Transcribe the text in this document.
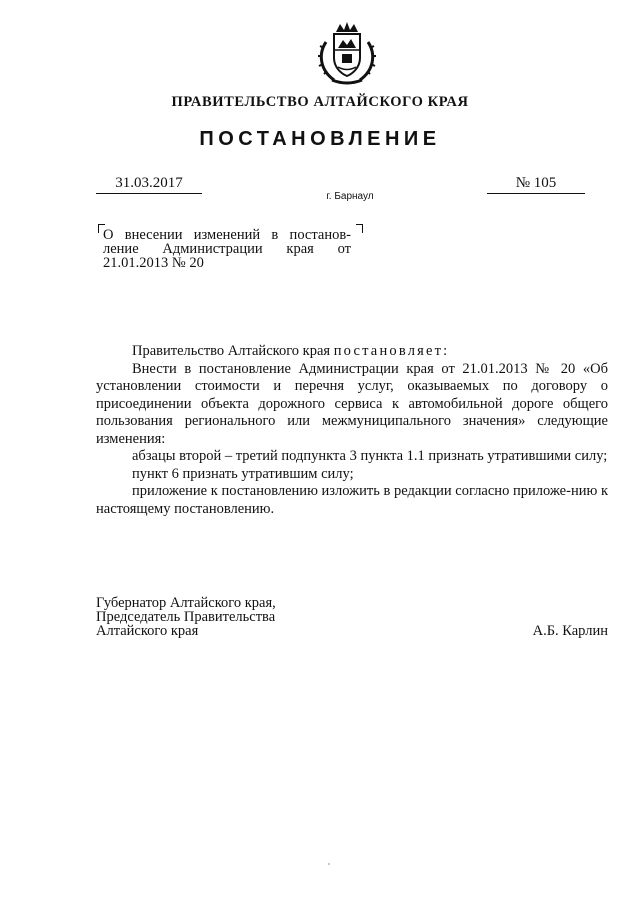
ПРАВИТЕЛЬСТВО АЛТАЙСКОГО КРАЯ
ПОСТАНОВЛЕНИЕ
31.03.2017	№ 105
г. Барнаул
О внесении изменений в постанов-
ление Администрации края от
21.01.2013 № 20

Правительство Алтайского края постановляет:

Внести в постановление Администрации края от 21.01.2013 № 20 «Об установлении стоимости и перечня услуг, оказываемых по договору о присоединении объекта дорожного сервиса к автомобильной дороге общего пользования регионального или межмуниципального значения» следующие изменения:

абзацы второй – третий подпункта 3 пункта 1.1 признать утратившими силу;

пункт 6 признать утратившим силу;

приложение к постановлению изложить в редакции согласно приложе-нию к настоящему постановлению.

Губернатор Алтайского края,
Председатель Правительства
Алтайского края	А.Б. Карлин
